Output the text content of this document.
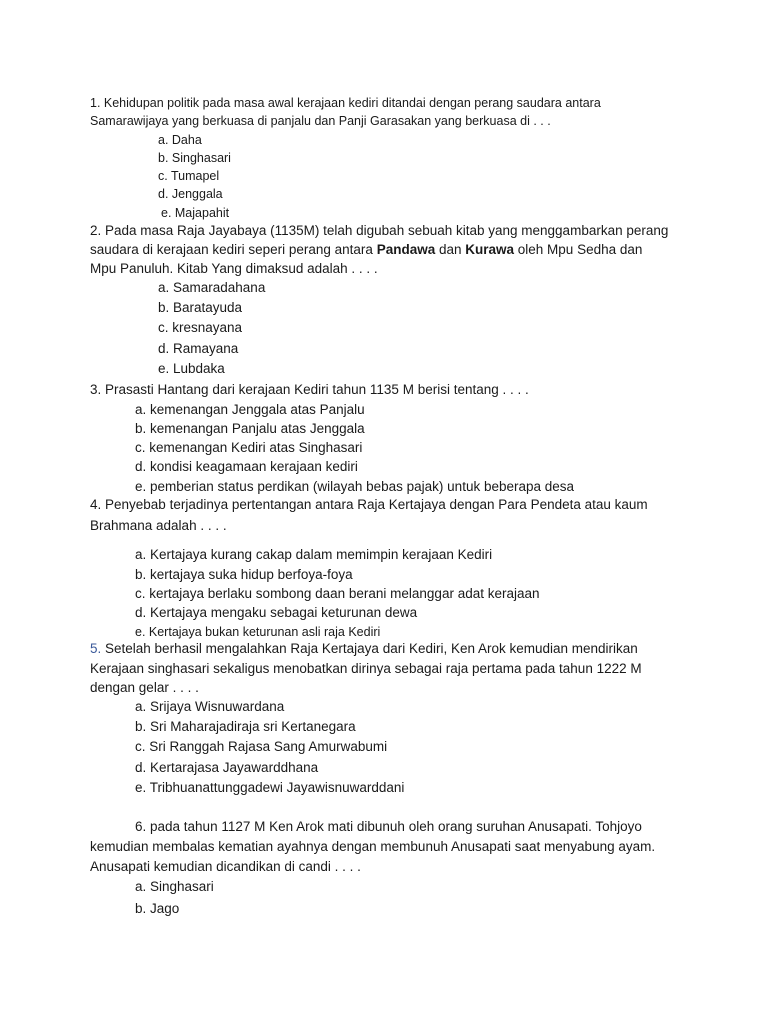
1. Kehidupan politik pada masa awal kerajaan kediri ditandai dengan perang saudara antara
Samarawijaya yang berkuasa di panjalu dan Panji Garasakan yang berkuasa di . . .
a. Daha
b. Singhasari
c. Tumapel
d. Jenggala
e. Majapahit
2. Pada masa Raja Jayabaya (1135M) telah digubah sebuah kitab yang menggambarkan perang
saudara di kerajaan kediri seperi perang antara Pandawa dan Kurawa oleh Mpu Sedha dan
Mpu Panuluh. Kitab Yang dimaksud adalah . . . .
a. Samaradahana
b. Baratayuda
c. kresnayana
d. Ramayana
e. Lubdaka
3. Prasasti Hantang dari kerajaan Kediri tahun 1135 M berisi tentang . . . .
a. kemenangan Jenggala atas Panjalu
b. kemenangan Panjalu atas Jenggala
c. kemenangan Kediri atas Singhasari
d. kondisi keagamaan kerajaan kediri
e. pemberian status perdikan (wilayah bebas pajak) untuk beberapa desa
4. Penyebab terjadinya pertentangan antara Raja Kertajaya dengan Para Pendeta atau kaum
Brahmana adalah . . . .
a. Kertajaya kurang cakap dalam memimpin kerajaan Kediri
b. kertajaya suka hidup berfoya-foya
c. kertajaya berlaku sombong daan berani melanggar adat kerajaan
d. Kertajaya mengaku sebagai keturunan dewa
e. Kertajaya bukan keturunan asli raja Kediri
5. Setelah berhasil mengalahkan Raja Kertajaya dari Kediri, Ken Arok kemudian mendirikan
Kerajaan singhasari sekaligus menobatkan dirinya sebagai raja pertama pada tahun 1222 M
dengan gelar . . . .
a. Srijaya Wisnuwardana
b. Sri Maharajadiraja sri Kertanegara
c. Sri Ranggah Rajasa Sang Amurwabumi
d. Kertarajasa Jayawarddhana
e. Tribhuanattunggadewi Jayawisnuwarddani
6. pada tahun 1127 M Ken Arok mati dibunuh oleh orang suruhan Anusapati. Tohjoyo
kemudian membalas kematian ayahnya dengan membunuh Anusapati saat menyabung ayam.
Anusapati kemudian dicandikan di candi . . . .
a. Singhasari
b. Jago
